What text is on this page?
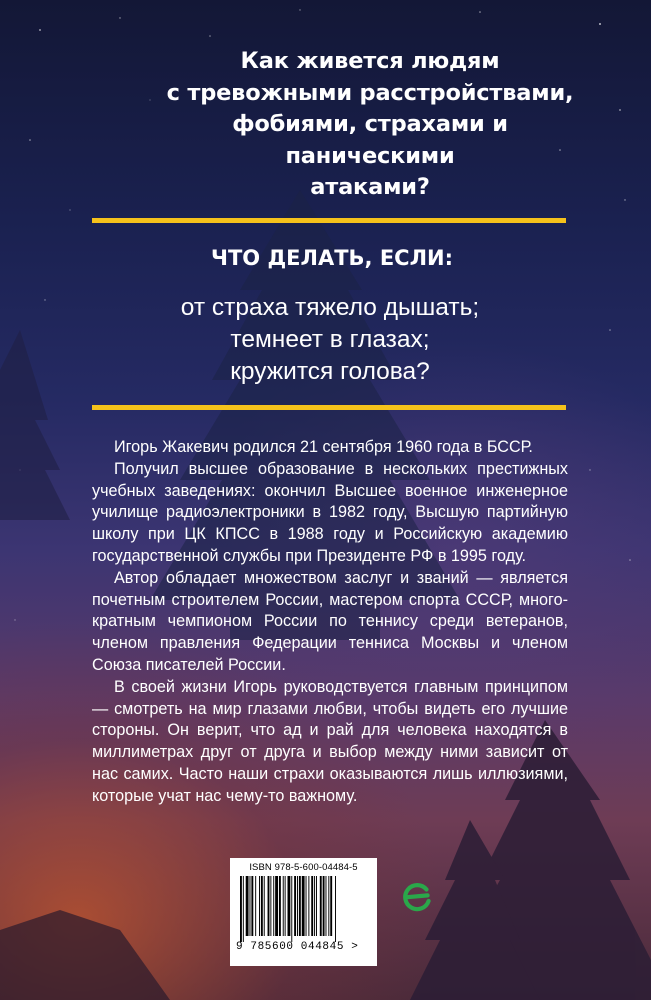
Как живется людям
с тревожными расстройствами,
фобиями, страхами и паническими
атаками?
ЧТО ДЕЛАТЬ, ЕСЛИ:
от страха тяжело дышать;
темнеет в глазах;
кружится голова?

Игорь Жакевич родился 21 сентября 1960 года в БССР.

Получил высшее образование в нескольких престижных учебных заведениях: окончил Высшее военное инженерное училище радиоэлектроники в 1982 году, Высшую партийную школу при ЦК КПСС в 1988 году и Российскую академию государственной службы при Президенте РФ в 1995 году.

Автор обладает множеством заслуг и званий — является почетным строителем России, мастером спорта СССР, многократным чемпионом России по теннису среди ветеранов, членом правления Федерации тенниса Москвы и членом Союза писателей России.

В своей жизни Игорь руководствуется главным принципом — смотреть на мир глазами любви, чтобы видеть его лучшие стороны. Он верит, что ад и рай для человека находятся в миллиметрах друг от друга и выбор между ними зависит от нас самих. Часто наши страхи оказываются лишь иллюзиями, которые учат нас чему-то важному.

ISBN 978-5-600-04484-5
9 785600 044845 >
